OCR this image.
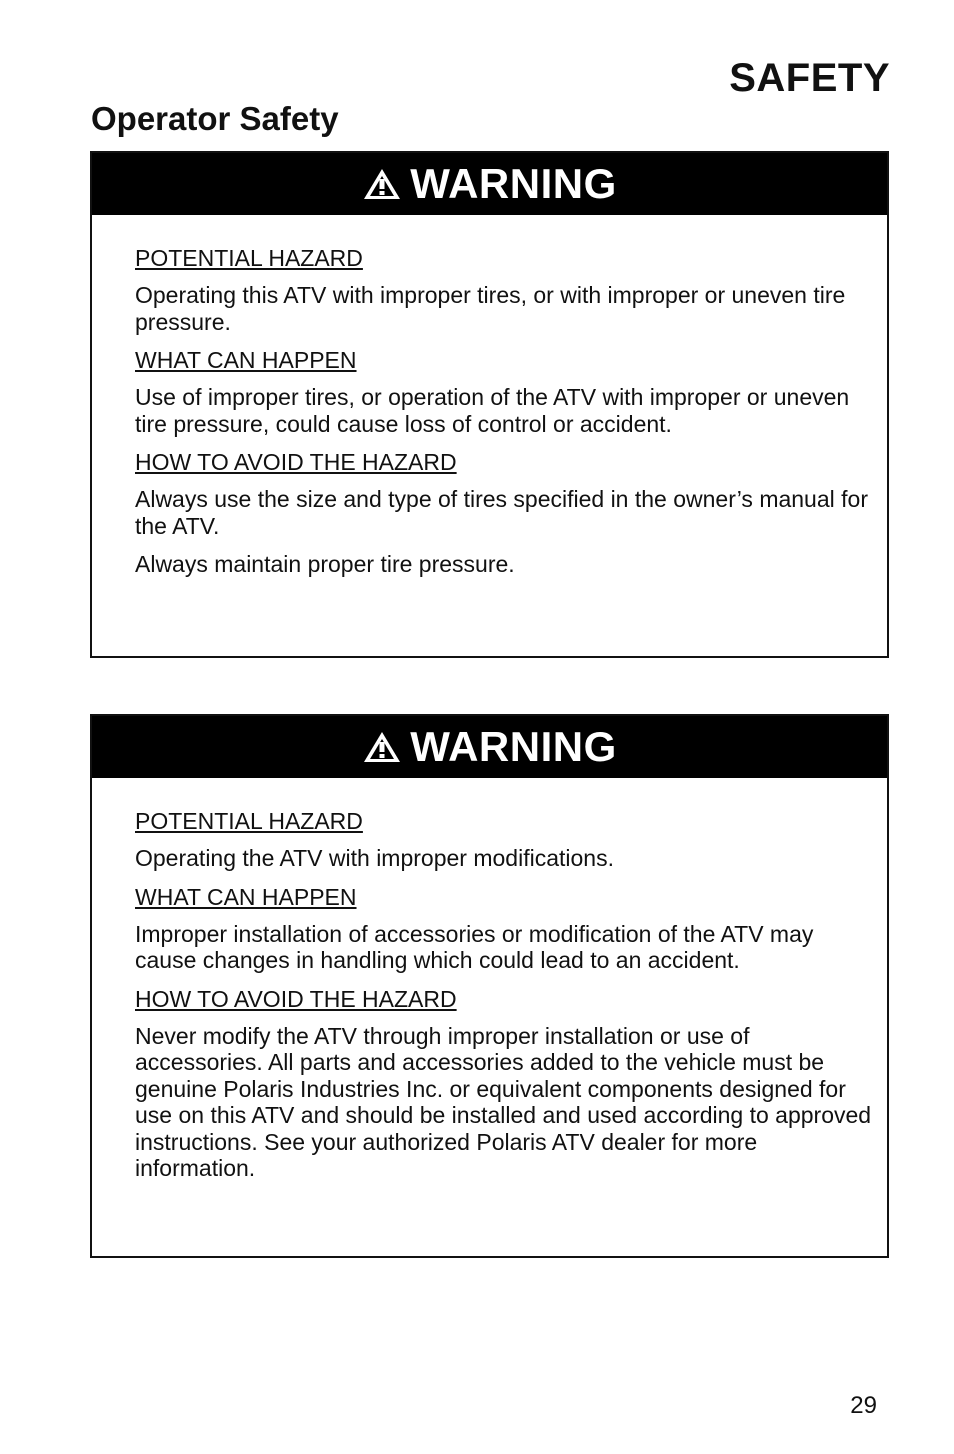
SAFETY
Operator Safety
WARNING
POTENTIAL HAZARD

Operating this ATV with improper tires, or with improper or uneven tire pressure.

WHAT CAN HAPPEN

Use of improper tires, or operation of the ATV with improper or uneven tire pressure, could cause loss of control or accident.

HOW TO AVOID THE HAZARD

Always use the size and type of tires specified in the owner’s manual for the ATV.

Always maintain proper tire pressure.

WARNING
POTENTIAL HAZARD

Operating the ATV with improper modifications.

WHAT CAN HAPPEN

Improper installation of accessories or modification of the ATV may cause changes in handling which could lead to an accident.

HOW TO AVOID THE HAZARD

Never modify the ATV through improper installation or use of accessories. All parts and accessories added to the vehicle must be genuine Polaris Industries Inc. or equivalent components designed for use on this ATV and should be installed and used according to approved instructions. See your authorized Polaris ATV dealer for more information.

29
